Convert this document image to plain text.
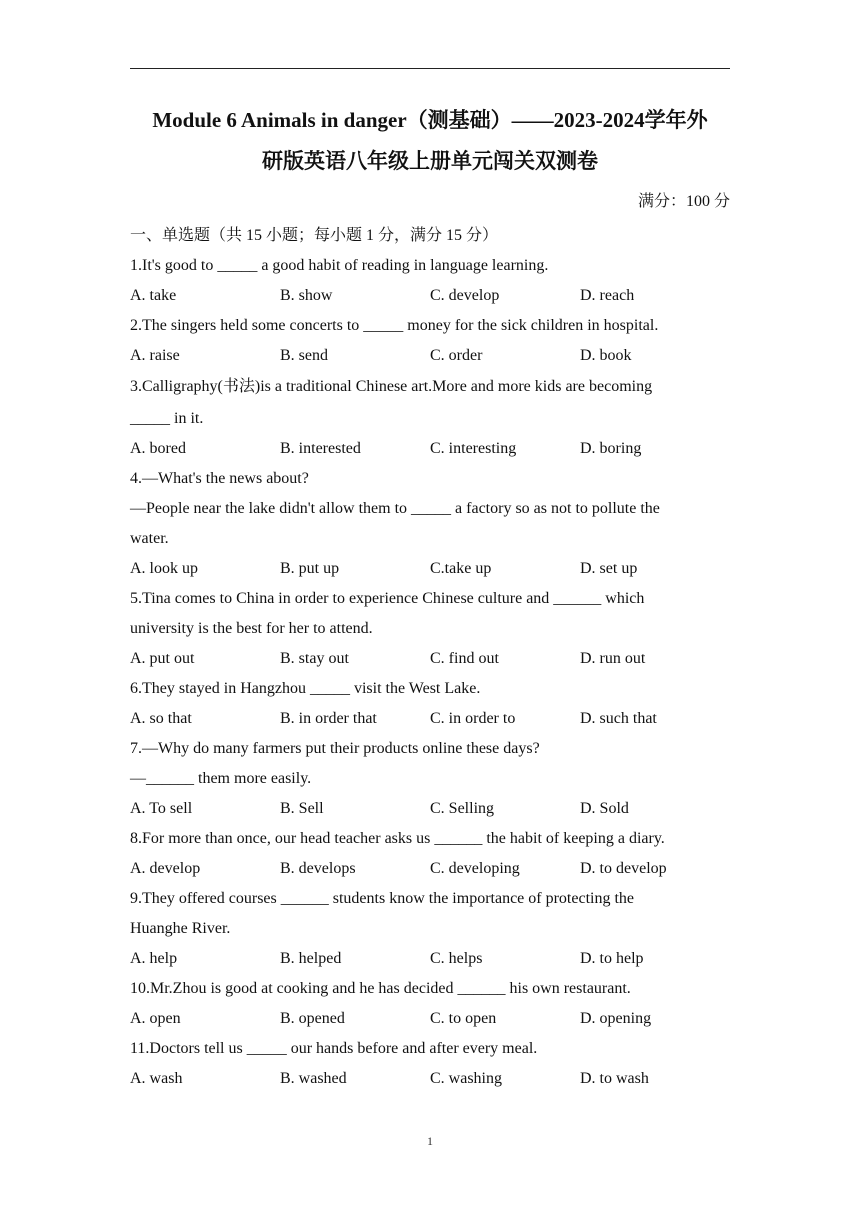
Module 6 Animals in danger（测基础）——2023-2024学年外
研版英语八年级上册单元闯关双测卷
满分：100 分
一、单选题（共 15 小题；每小题 1 分，满分 15 分）
1.It's good to _____ a good habit of reading in language learning.
A. take	B. show	C. develop	D. reach
2.The singers held some concerts to _____ money for the sick children in hospital.
A. raise	B. send	C. order	D. book
3.Calligraphy(书法)is a traditional Chinese art.More and more kids are becoming
_____ in it.
A. bored	B. interested	C. interesting	D. boring
4.—What's the news about?
—People near the lake didn't allow them to _____ a factory so as not to pollute the
water.
A. look up	B. put up	C.take up	D. set up
5.Tina comes to China in order to experience Chinese culture and ______ which
university is the best for her to attend.
A. put out	B. stay out	C. find out	D. run out
6.They stayed in Hangzhou _____ visit the West Lake.
A. so that	B. in order that	C. in order to	D. such that
7.—Why do many farmers put their products online these days?
—______ them more easily.
A. To sell	B. Sell	C. Selling	D. Sold
8.For more than once, our head teacher asks us ______ the habit of keeping a diary.
A. develop	B. develops	C. developing	D. to develop
9.They offered courses ______ students know the importance of protecting the
Huanghe River.
A. help	B. helped	C. helps	D. to help
10.Mr.Zhou is good at cooking and he has decided ______ his own restaurant.
A. open	B. opened	C. to open	D. opening
11.Doctors tell us _____ our hands before and after every meal.
A. wash	B. washed	C. washing	D. to wash
1
